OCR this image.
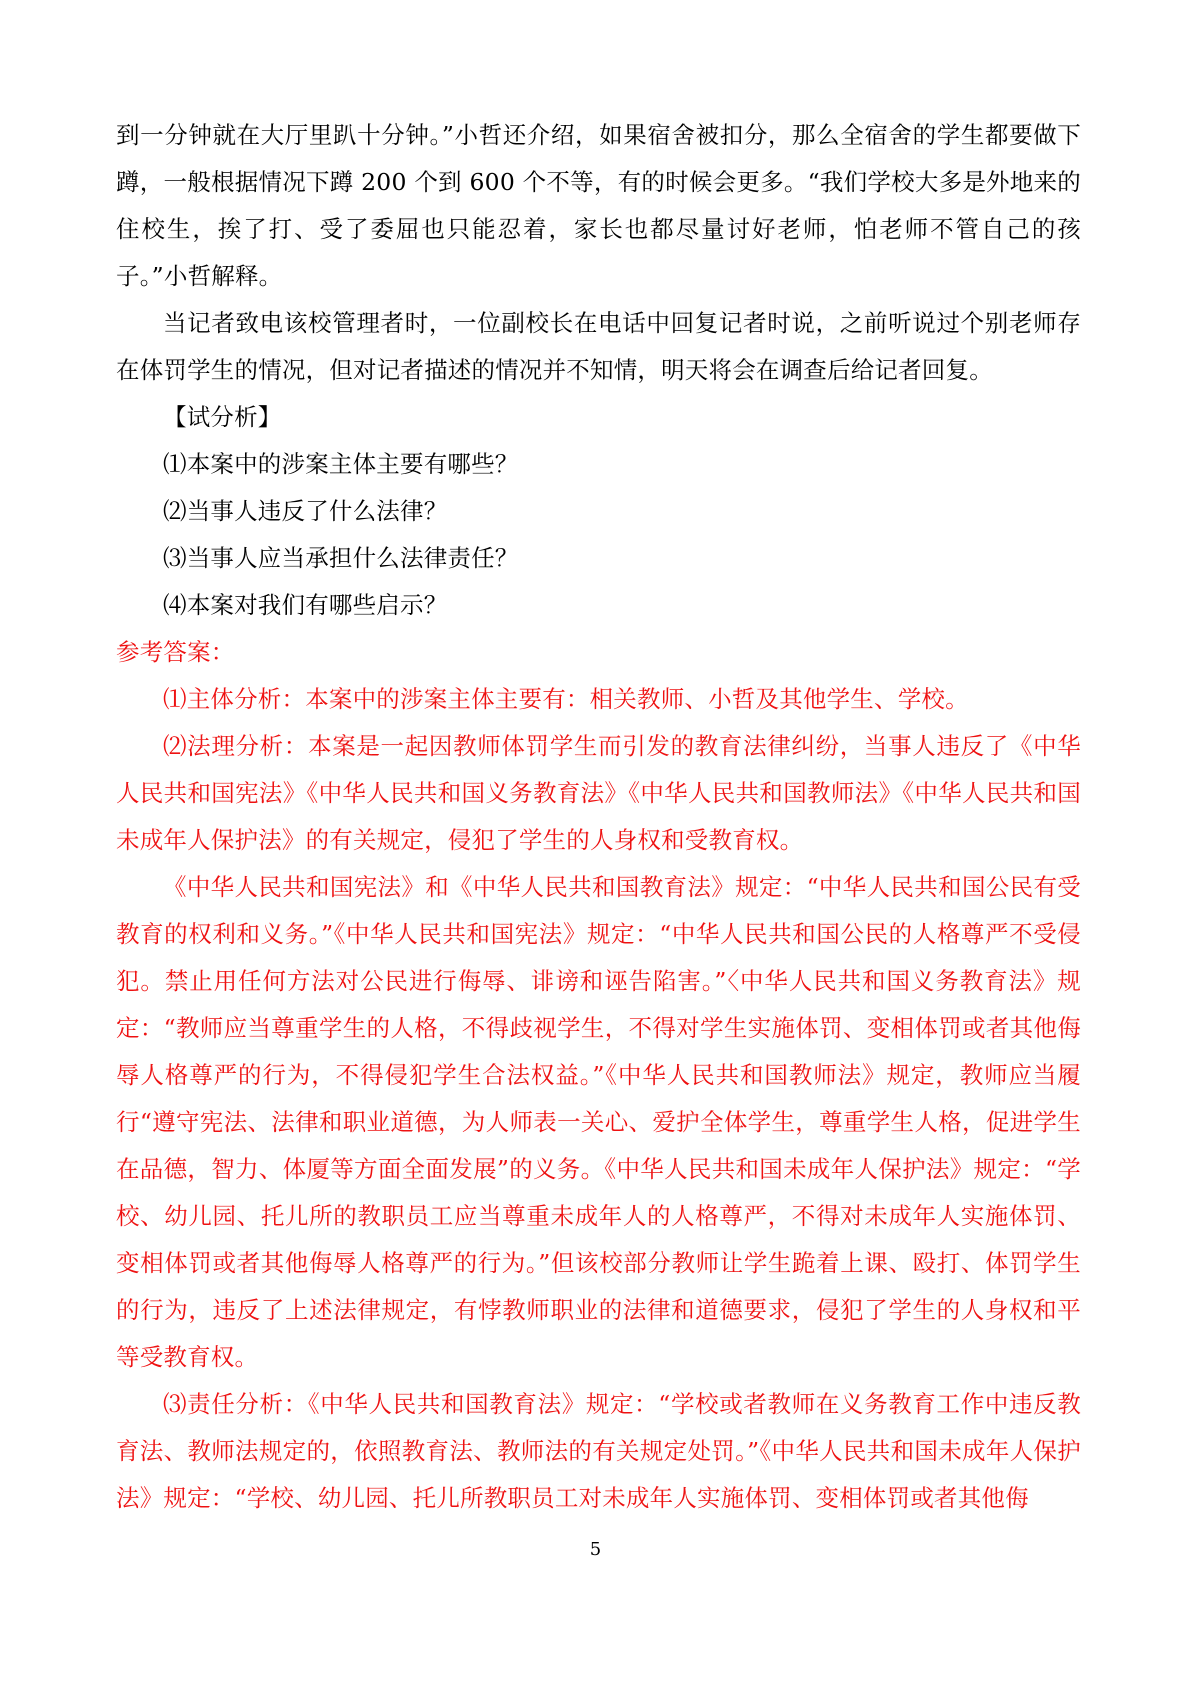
到一分钟就在大厅里趴十分钟。”小哲还介绍，如果宿舍被扣分，那么全宿舍的学生都要做下蹲，一般根据情况下蹲 200 个到 600 个不等，有的时候会更多。“我们学校大多是外地来的住校生，挨了打、受了委屈也只能忍着，家长也都尽量讨好老师，怕老师不管自己的孩子。”小哲解释。

当记者致电该校管理者时，一位副校长在电话中回复记者时说，之前听说过个别老师存在体罚学生的情况，但对记者描述的情况并不知情，明天将会在调查后给记者回复。

【试分析】

⑴本案中的涉案主体主要有哪些？

⑵当事人违反了什么法律？

⑶当事人应当承担什么法律责任？

⑷本案对我们有哪些启示？

参考答案：

⑴主体分析：本案中的涉案主体主要有：相关教师、小哲及其他学生、学校。

⑵法理分析：本案是一起因教师体罚学生而引发的教育法律纠纷，当事人违反了《中华人民共和国宪法》《中华人民共和国义务教育法》《中华人民共和国教师法》《中华人民共和国未成年人保护法》的有关规定，侵犯了学生的人身权和受教育权。

《中华人民共和国宪法》和《中华人民共和国教育法》规定：“中华人民共和国公民有受教育的权利和义务。”《中华人民共和国宪法》规定：“中华人民共和国公民的人格尊严不受侵犯。禁止用任何方法对公民进行侮辱、诽谤和诬告陷害。”〈中华人民共和国义务教育法》规定：“教师应当尊重学生的人格，不得歧视学生，不得对学生实施体罚、变相体罚或者其他侮辱人格尊严的行为，不得侵犯学生合法权益。”《中华人民共和国教师法》规定，教师应当履行“遵守宪法、法律和职业道德，为人师表一关心、爱护全体学生，尊重学生人格，促进学生在品德，智力、体厦等方面全面发展”的义务。《中华人民共和国未成年人保护法》规定：“学校、幼儿园、托儿所的教职员工应当尊重未成年人的人格尊严，不得对未成年人实施体罚、变相体罚或者其他侮辱人格尊严的行为。”但该校部分教师让学生跪着上课、殴打、体罚学生的行为，违反了上述法律规定，有悖教师职业的法律和道德要求，侵犯了学生的人身权和平等受教育权。

⑶责任分析：《中华人民共和国教育法》规定：“学校或者教师在义务教育工作中违反教育法、教师法规定的，依照教育法、教师法的有关规定处罚。”《中华人民共和国未成年人保护法》规定：“学校、幼儿园、托儿所教职员工对未成年人实施体罚、变相体罚或者其他侮

5
